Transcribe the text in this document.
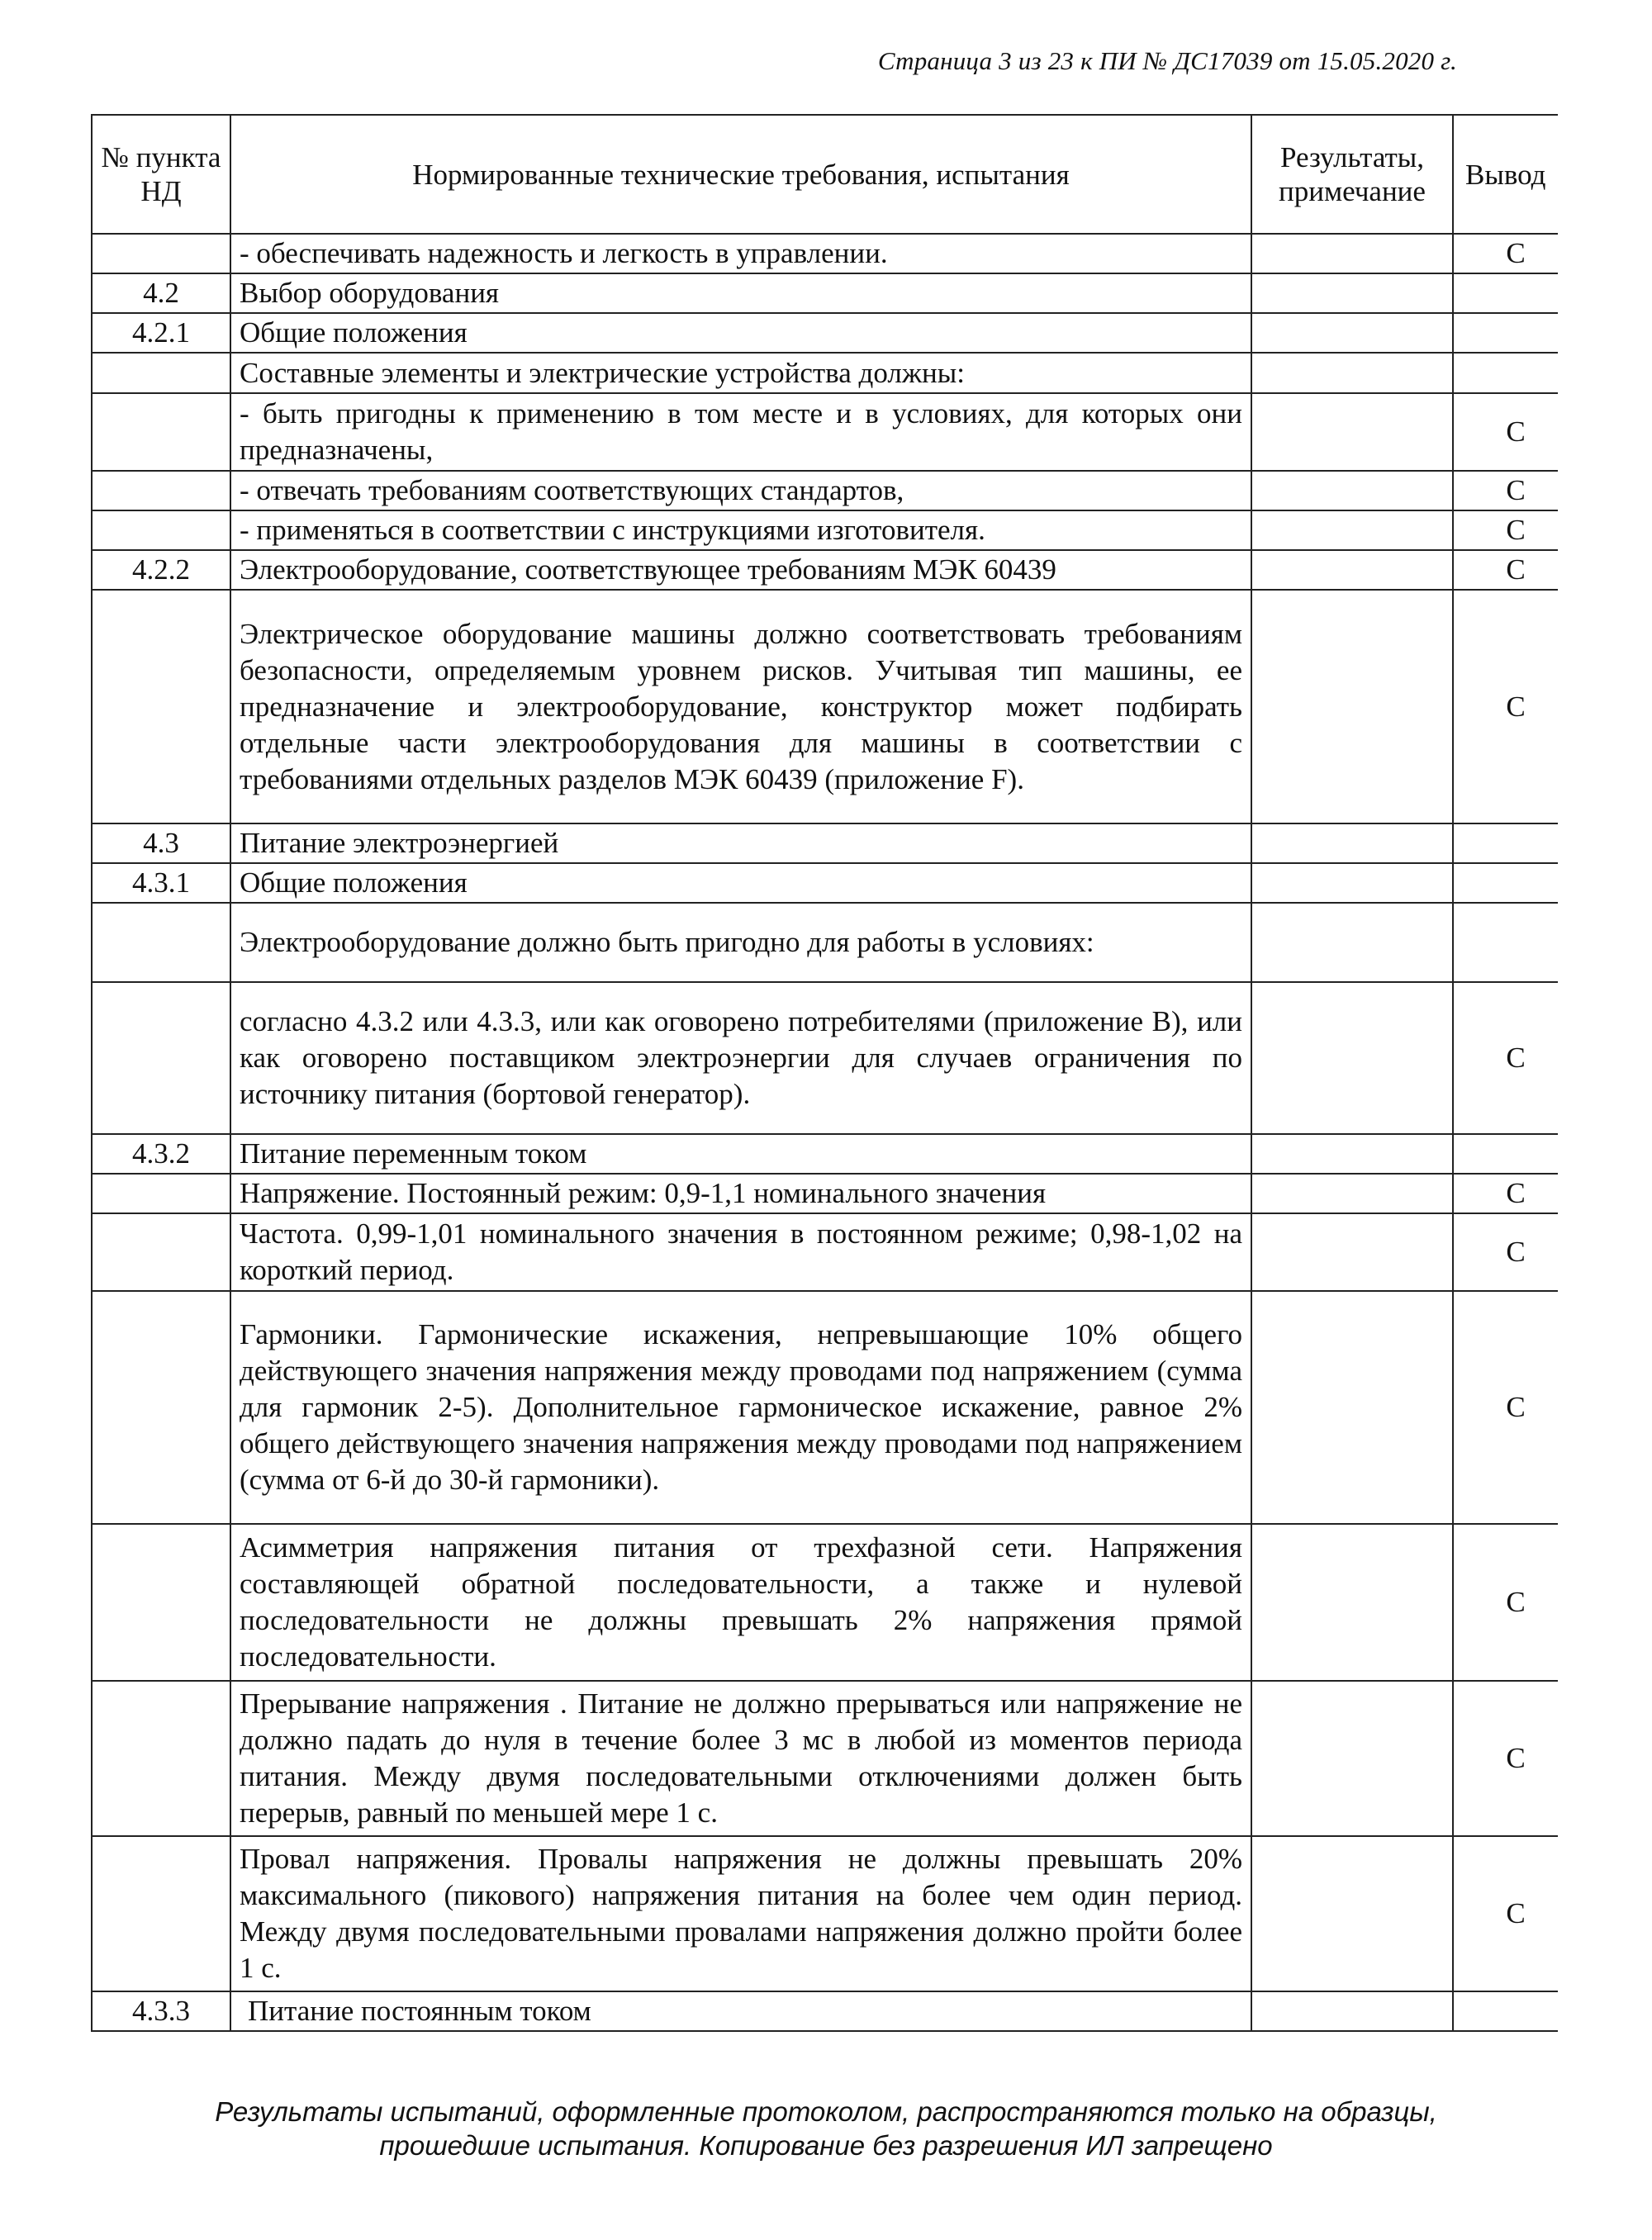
Страница 3 из 23 к ПИ № ДС17039 от 15.05.2020 г.
№ пункта НД	Нормированные технические требования, испытания	Результаты, примечание	Вывод
	- обеспечивать надежность и легкость в управлении.		С
4.2	Выбор оборудования		
4.2.1	Общие положения		
	Составные элементы и электрические устройства должны:		
	- быть пригодны к применению в том месте и в условиях, для которых они предназначены,		С
	- отвечать требованиям соответствующих стандартов,		С
	- применяться в соответствии с инструкциями изготовителя.		С
4.2.2	Электрооборудование, соответствующее требованиям МЭК 60439		С
	Электрическое оборудование машины должно соответствовать требованиям безопасности, определяемым уровнем рисков. Учитывая тип машины, ее предназначение и электрооборудование, конструктор может подбирать отдельные части электрооборудования для машины в соответствии с требованиями отдельных разделов МЭК 60439 (приложение F).		С
4.3	Питание электроэнергией		
4.3.1	Общие положения		
	Электрооборудование должно быть пригодно для работы в условиях:		
	согласно 4.3.2 или 4.3.3, или как оговорено потребителями (приложение В), или как оговорено поставщиком электроэнергии для случаев ограничения по источнику питания (бортовой генератор).		С
4.3.2	Питание переменным током		
	Напряжение. Постоянный режим: 0,9-1,1 номинального значения		С
	Частота. 0,99-1,01 номинального значения в постоянном режиме; 0,98-1,02 на короткий период.		С
	Гармоники. Гармонические искажения, непревышающие 10% общего действующего значения напряжения между проводами под напряжением (сумма для гармоник 2-5). Дополнительное гармоническое искажение, равное 2% общего действующего значения напряжения между проводами под напряжением (сумма от 6-й до 30-й гармоники).		С
	Асимметрия напряжения питания от трехфазной сети. Напряжения составляющей обратной последовательности, а также и нулевой последовательности не должны превышать 2% напряжения прямой последовательности.		С
	Прерывание напряжения . Питание не должно прерываться или напряжение не должно падать до нуля в течение более 3 мс в любой из моментов периода питания. Между двумя последовательными отключениями должен быть перерыв, равный по меньшей мере 1 с.		С
	Провал напряжения. Провалы напряжения не должны превышать 20% максимального (пикового) напряжения питания на более чем один период. Между двумя последовательными провалами напряжения должно пройти более 1 с.		С
4.3.3	Питание постоянным током		
Результаты испытаний, оформленные протоколом, распространяются только на образцы,
прошедшие испытания. Копирование без разрешения ИЛ запрещено
